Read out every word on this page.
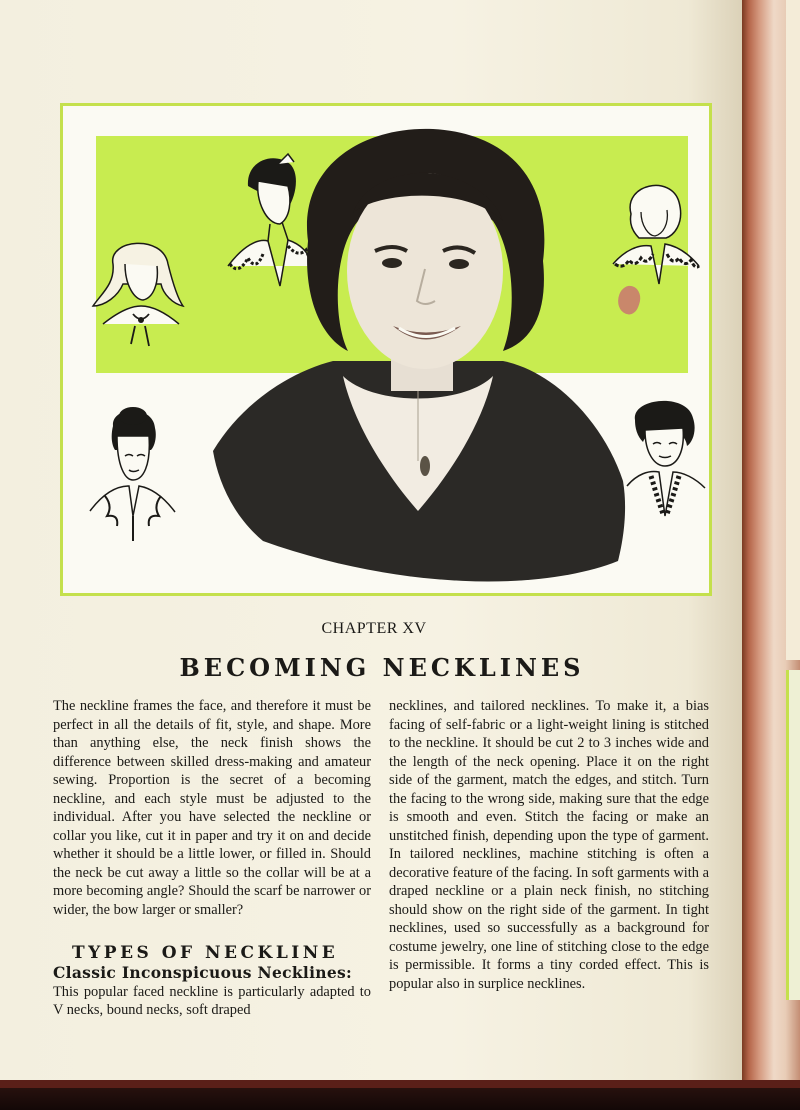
CHAPTER XV
BECOMING NECKLINES

The neckline frames the face, and therefore it must be perfect in all the details of fit, style, and shape. More than anything else, the neck finish shows the difference between skilled dress-making and amateur sewing. Proportion is the secret of a becoming neckline, and each style must be adjusted to the individual. After you have selected the neckline or collar you like, cut it in paper and try it on and decide whether it should be a little lower, or filled in. Should the neck be cut away a little so the collar will be at a more becoming angle? Should the scarf be narrower or wider, the bow larger or smaller?

TYPES OF NECKLINE
Classic Inconspicuous Necklines:

This popular faced neckline is particularly adapted to V necks, bound necks, soft draped

necklines, and tailored necklines. To make it, a bias facing of self-fabric or a light-weight lining is stitched to the neckline. It should be cut 2 to 3 inches wide and the length of the neck opening. Place it on the right side of the garment, match the edges, and stitch. Turn the facing to the wrong side, making sure that the edge is smooth and even. Stitch the facing or make an unstitched finish, depending upon the type of garment. In tailored necklines, machine stitching is often a decorative feature of the facing. In soft garments with a draped neckline or a plain neck finish, no stitching should show on the right side of the garment. In tight necklines, used so successfully as a background for costume jewelry, one line of stitching close to the edge is permissible. It forms a tiny corded effect. This is popular also in surplice necklines.
